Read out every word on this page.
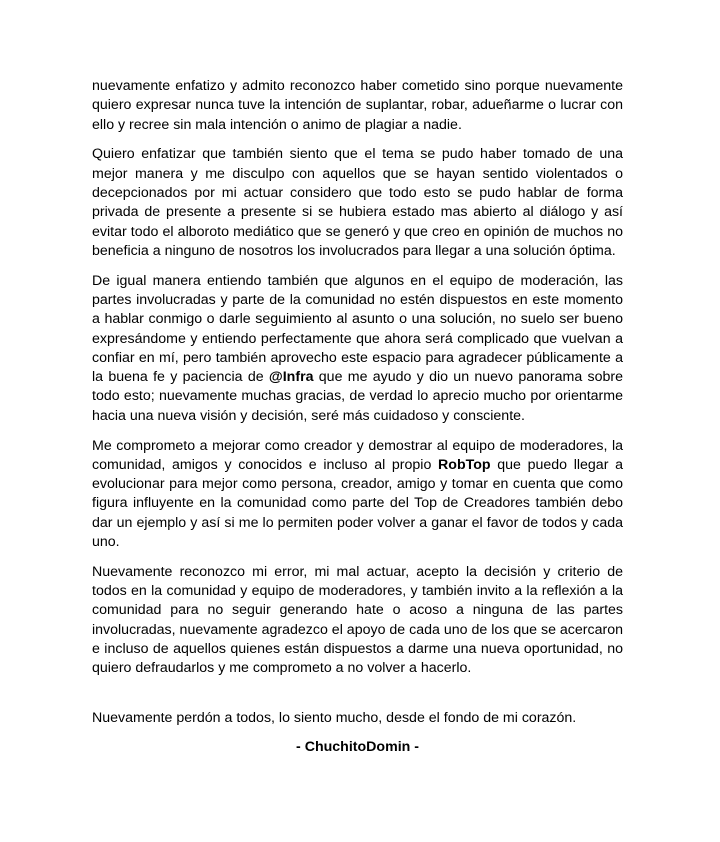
nuevamente enfatizo y admito reconozco haber cometido sino porque nuevamente quiero expresar nunca tuve la intención de suplantar, robar, adueñarme o lucrar con ello y recree sin mala intención o animo de plagiar a nadie.

Quiero enfatizar que también siento que el tema se pudo haber tomado de una mejor manera y me disculpo con aquellos que se hayan sentido violentados o decepcionados por mi actuar considero que todo esto se pudo hablar de forma privada de presente a presente si se hubiera estado mas abierto al diálogo y así evitar todo el alboroto mediático que se generó y que creo en opinión de muchos no beneficia a ninguno de nosotros los involucrados para llegar a una solución óptima.

De igual manera entiendo también que algunos en el equipo de moderación, las partes involucradas y parte de la comunidad no estén dispuestos en este momento a hablar conmigo o darle seguimiento al asunto o una solución, no suelo ser bueno expresándome y entiendo perfectamente que ahora será complicado que vuelvan a confiar en mí, pero también aprovecho este espacio para agradecer públicamente a la buena fe y paciencia de @Infra que me ayudo y dio un nuevo panorama sobre todo esto; nuevamente muchas gracias, de verdad lo aprecio mucho por orientarme hacia una nueva visión y decisión, seré más cuidadoso y consciente.

Me comprometo a mejorar como creador y demostrar al equipo de moderadores, la comunidad, amigos y conocidos e incluso al propio RobTop que puedo llegar a evolucionar para mejor como persona, creador, amigo y tomar en cuenta que como figura influyente en la comunidad como parte del Top de Creadores también debo dar un ejemplo y así si me lo permiten poder volver a ganar el favor de todos y cada uno.

Nuevamente reconozco mi error, mi mal actuar, acepto la decisión y criterio de todos en la comunidad y equipo de moderadores, y también invito a la reflexión a la comunidad para no seguir generando hate o acoso a ninguna de las partes involucradas, nuevamente agradezco el apoyo de cada uno de los que se acercaron e incluso de aquellos quienes están dispuestos a darme una nueva oportunidad, no quiero defraudarlos y me comprometo a no volver a hacerlo.

Nuevamente perdón a todos, lo siento mucho, desde el fondo de mi corazón.

- ChuchitoDomin -
